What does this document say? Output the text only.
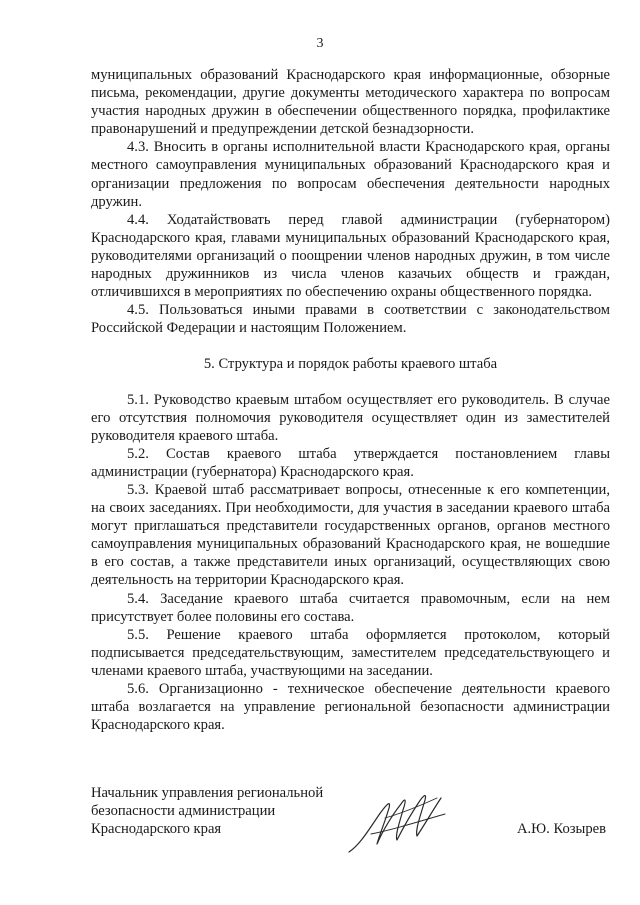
3

муниципальных образований Краснодарского края информационные, обзорные письма, рекомендации, другие документы методического характера по вопросам участия народных дружин в обеспечении общественного порядка, профилактике правонарушений и предупреждении детской безнадзорности.

4.3. Вносить в органы исполнительной власти Краснодарского края, органы местного самоуправления муниципальных образований Краснодарского края и организации предложения по вопросам обеспечения деятельности народных дружин.

4.4. Ходатайствовать перед главой администрации (губернатором) Краснодарского края, главами муниципальных образований Краснодарского края, руководителями организаций о поощрении членов народных дружин, в том числе народных дружинников из числа членов казачьих обществ и граждан, отличившихся в мероприятиях по обеспечению охраны общественного порядка.

4.5. Пользоваться иными правами в соответствии с законодательством Российской Федерации и настоящим Положением.

5. Структура и порядок работы краевого штаба

5.1. Руководство краевым штабом осуществляет его руководитель. В случае его отсутствия полномочия руководителя осуществляет один из заместителей руководителя краевого штаба.

5.2. Состав краевого штаба утверждается постановлением главы администрации (губернатора) Краснодарского края.

5.3. Краевой штаб рассматривает вопросы, отнесенные к его компетенции, на своих заседаниях. При необходимости, для участия в заседании краевого штаба могут приглашаться представители государственных органов, органов местного самоуправления муниципальных образований Краснодарского края, не вошедшие в его состав, а также представители иных организаций, осуществляющих свою деятельность на территории Краснодарского края.

5.4. Заседание краевого штаба считается правомочным, если на нем присутствует более половины его состава.

5.5. Решение краевого штаба оформляется протоколом, который подписывается председательствующим, заместителем председательствующего и членами краевого штаба, участвующими на заседании.

5.6. Организационно - техническое обеспечение деятельности краевого штаба возлагается на управление региональной безопасности администрации Краснодарского края.

Начальник управления региональной
безопасности администрации
Краснодарского края	А.Ю. Козырев
